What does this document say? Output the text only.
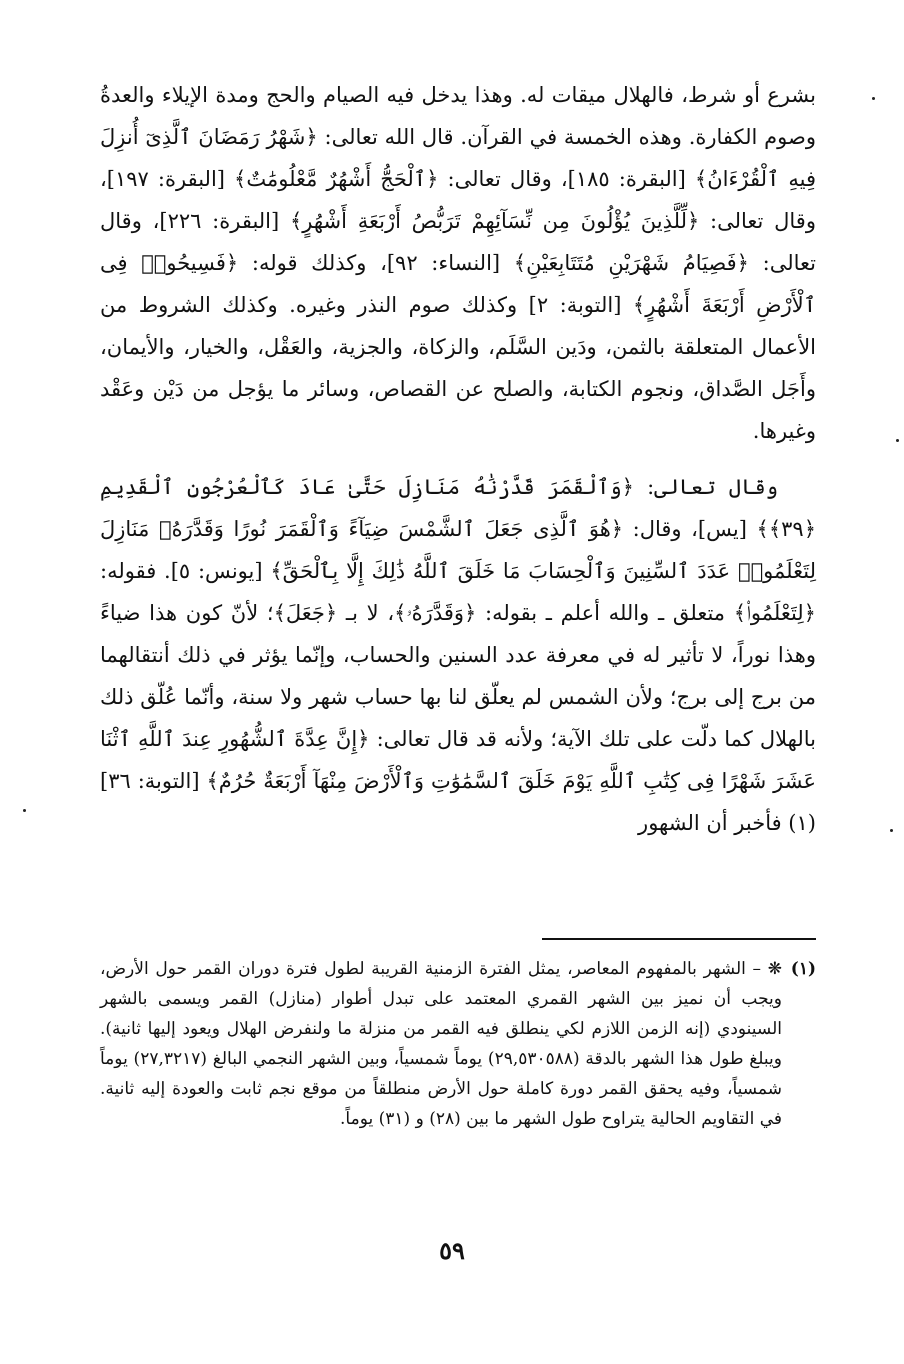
بشرع أو شرط، فالهلال ميقات له. وهذا يدخل فيه الصيام والحج ومدة الإيلاء والعدةُ وصوم الكفارة. وهذه الخمسة في القرآن. قال الله تعالى: ﴿شَهْرُ رَمَضَانَ ٱلَّذِىٓ أُنزِلَ فِيهِ ٱلْقُرْءَانُ﴾ [البقرة: ١٨٥]، وقال تعالى: ﴿ٱلْحَجُّ أَشْهُرٌ مَّعْلُومَٰتٌ﴾ [البقرة: ١٩٧]، وقال تعالى: ﴿لِّلَّذِينَ يُؤْلُونَ مِن نِّسَآئِهِمْ تَرَبُّصُ أَرْبَعَةِ أَشْهُرٍ﴾ [البقرة: ٢٢٦]، وقال تعالى: ﴿فَصِيَامُ شَهْرَيْنِ مُتَتَابِعَيْنِ﴾ [النساء: ٩٢]، وكذلك قوله: ﴿فَسِيحُوا۟ فِى ٱلْأَرْضِ أَرْبَعَةَ أَشْهُرٍ﴾ [التوبة: ٢] وكذلك صوم النذر وغيره. وكذلك الشروط من الأعمال المتعلقة بالثمن، ودَين السَّلَم، والزكاة، والجزية، والعَقْل، والخيار، والأيمان، وأَجَل الصَّداق، ونجوم الكتابة، والصلح عن القصاص، وسائر ما يؤجل من دَيْن وعَقْد وغيرها.

وقال تعالى: ﴿وَٱلْقَمَرَ قَدَّرْنَٰهُ مَنَازِلَ حَتَّىٰ عَادَ كَٱلْعُرْجُونِ ٱلْقَدِيمِ ﴿٣٩﴾﴾ [يس]، وقال: ﴿هُوَ ٱلَّذِى جَعَلَ ٱلشَّمْسَ ضِيَآءً وَٱلْقَمَرَ نُورًا وَقَدَّرَهُۥ مَنَازِلَ لِتَعْلَمُوا۟ عَدَدَ ٱلسِّنِينَ وَٱلْحِسَابَ مَا خَلَقَ ٱللَّهُ ذَٰلِكَ إِلَّا بِٱلْحَقِّ﴾ [يونس: ٥]. فقوله: ﴿لِتَعْلَمُوا۟﴾ متعلق ـ والله أعلم ـ بقوله: ﴿وَقَدَّرَهُۥ﴾، لا بـ ﴿جَعَلَ﴾؛ لأنّ كون هذا ضياءً وهذا نوراً، لا تأثير له في معرفة عدد السنين والحساب، وإنّما يؤثر في ذلك أنتقالهما من برج إلى برج؛ ولأن الشمس لم يعلّق لنا بها حساب شهر ولا سنة، وأنّما عُلّق ذلك بالهلال كما دلّت على تلك الآية؛ ولأنه قد قال تعالى: ﴿إِنَّ عِدَّةَ ٱلشُّهُورِ عِندَ ٱللَّهِ ٱثْنَا عَشَرَ شَهْرًا فِى كِتَٰبِ ٱللَّهِ يَوْمَ خَلَقَ ٱلسَّمَٰوَٰتِ وَٱلْأَرْضَ مِنْهَآ أَرْبَعَةٌ حُرُمٌ﴾ [التوبة: ٣٦](١) فأخبر أن الشهور

(١)
❋ – الشهر بالمفهوم المعاصر، يمثل الفترة الزمنية القريبة لطول فترة دوران القمر حول الأرض، ويجب أن نميز بين الشهر القمري المعتمد على تبدل أطوار (منازل) القمر ويسمى بالشهر السينودي (إنه الزمن اللازم لكي ينطلق فيه القمر من منزلة ما ولنفرض الهلال ويعود إليها ثانية). ويبلغ طول هذا الشهر بالدقة (٢٩,٥٣٠٥٨٨) يوماً شمسياً، وبين الشهر النجمي البالغ (٢٧,٣٢١٧) يوماً شمسياً، وفيه يحقق القمر دورة كاملة حول الأرض منطلقاً من موقع نجم ثابت والعودة إليه ثانية. في التقاويم الحالية يتراوح طول الشهر ما بين (٢٨) و (٣١) يوماً.
٥٩
